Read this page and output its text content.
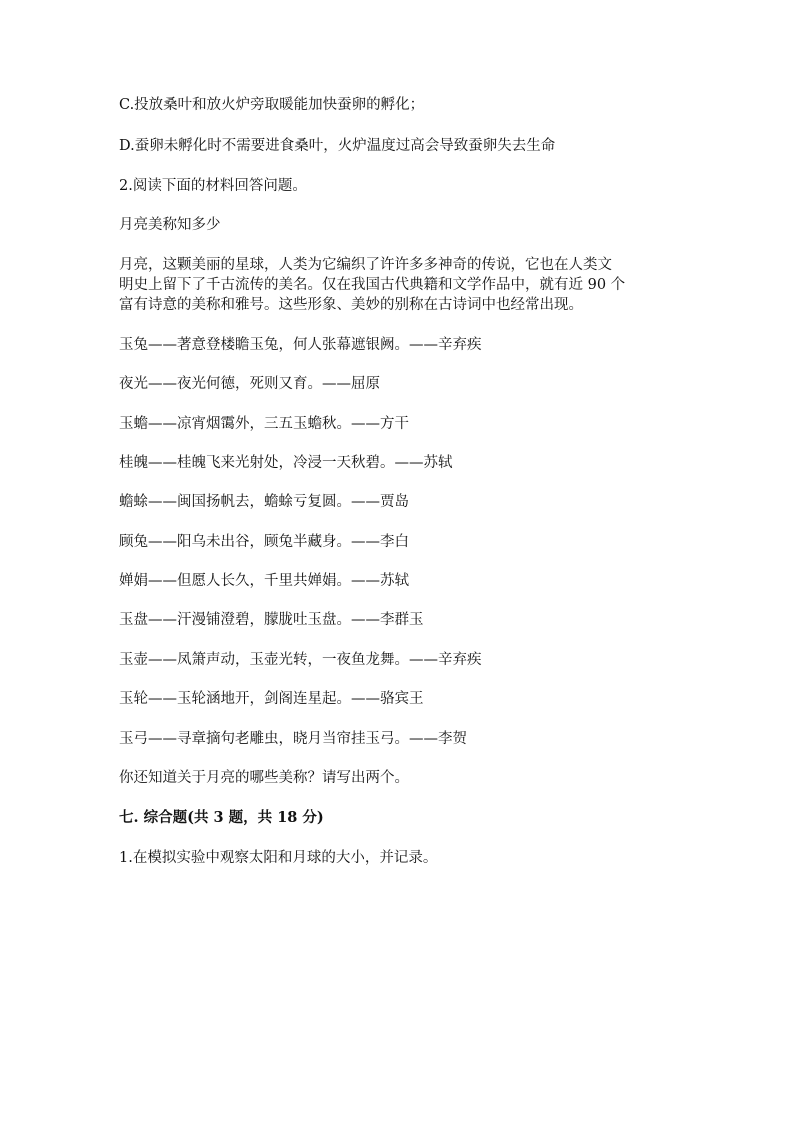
C.投放桑叶和放火炉旁取暖能加快蚕卵的孵化；
D.蚕卵未孵化时不需要进食桑叶，火炉温度过高会导致蚕卵失去生命
2.阅读下面的材料回答问题。
月亮美称知多少
月亮，这颗美丽的星球，人类为它编织了许许多多神奇的传说，它也在人类文
明史上留下了千古流传的美名。仅在我国古代典籍和文学作品中，就有近 90 个
富有诗意的美称和雅号。这些形象、美妙的别称在古诗词中也经常出现。
玉兔——著意登楼瞻玉兔，何人张幕遮银阙。——辛弃疾
夜光——夜光何德，死则又育。——屈原
玉蟾——凉宵烟霭外，三五玉蟾秋。——方干
桂魄——桂魄飞来光射处，冷浸一天秋碧。——苏轼
蟾蜍——闽国扬帆去，蟾蜍亏复圆。——贾岛
顾兔——阳乌未出谷，顾兔半藏身。——李白
婵娟——但愿人长久，千里共婵娟。——苏轼
玉盘——汗漫铺澄碧，朦胧吐玉盘。——李群玉
玉壶——凤箫声动，玉壶光转，一夜鱼龙舞。——辛弃疾
玉轮——玉轮涵地开，剑阁连星起。——骆宾王
玉弓——寻章摘句老雕虫，晓月当帘挂玉弓。——李贺
你还知道关于月亮的哪些美称？请写出两个。
七. 综合题(共 3 题，共 18 分)
1.在模拟实验中观察太阳和月球的大小，并记录。
